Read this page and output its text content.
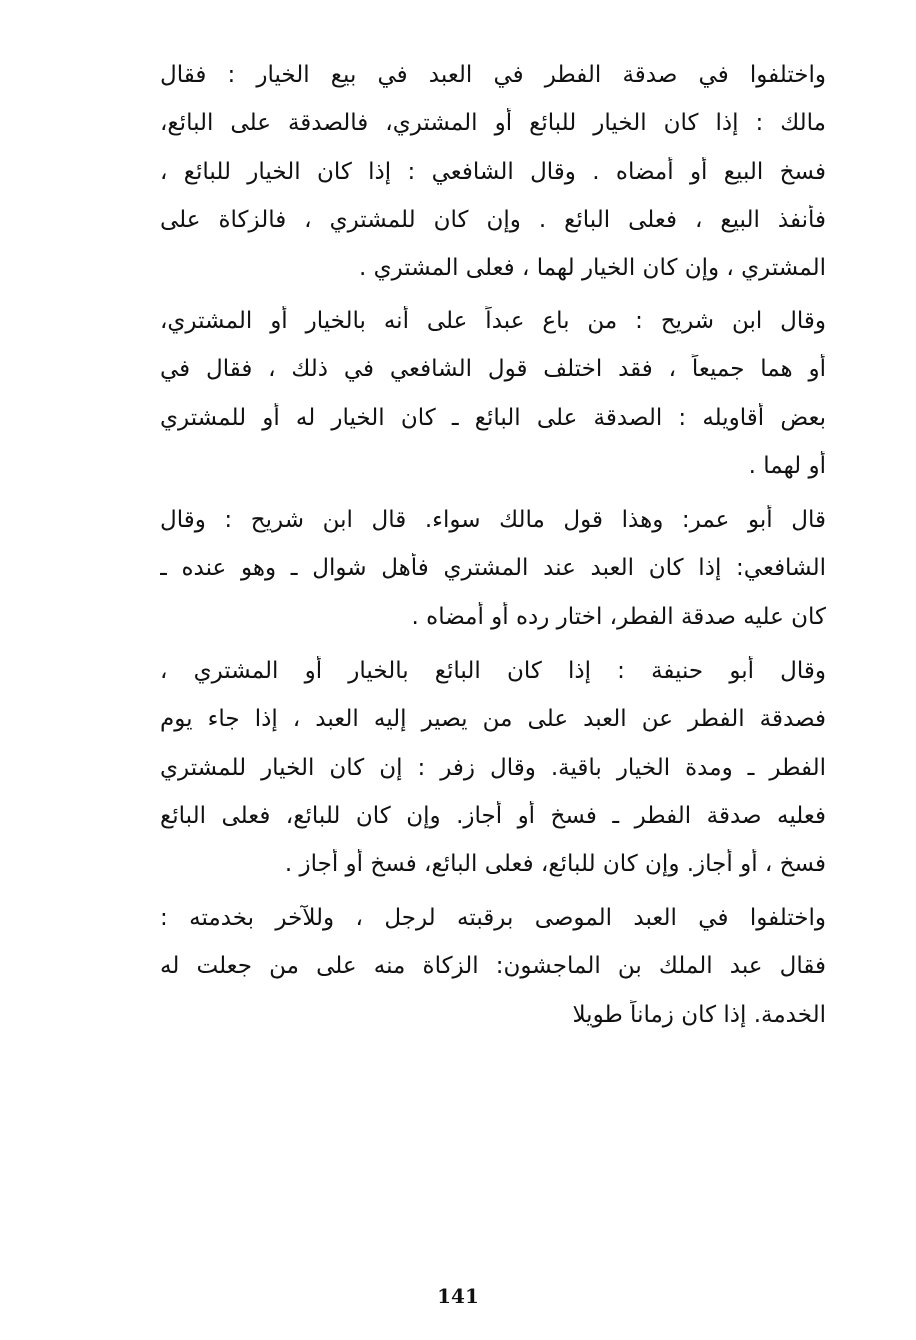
واختلفوا في صدقة الفطر في العبد في بيع الخيار : فقال
مالك : إذا كان الخيار للبائع أو المشتري، فالصدقة على البائع،
فسخ البيع أو أمضاه . وقال الشافعي : إذا كان الخيار للبائع ،
فأنفذ البيع ، فعلى البائع . وإن كان للمشتري ، فالزكاة على
المشتري ، وإن كان الخيار لهما ، فعلى المشتري .
وقال ابن شريح : من باع عبداً على أنه بالخيار أو المشتري،
أو هما جميعاً ، فقد اختلف قول الشافعي في ذلك ، فقال في
بعض أقاويله : الصدقة على البائع ـ كان الخيار له أو للمشتري
أو لهما .
قال أبو عمر: وهذا قول مالك سواء. قال ابن شريح : وقال
الشافعي: إذا كان العبد عند المشتري فأهل شوال ـ وهو عنده ـ
كان عليه صدقة الفطر، اختار رده أو أمضاه .
وقال أبو حنيفة : إذا كان البائع بالخيار أو المشتري ،
فصدقة الفطر عن العبد على من يصير إليه العبد ، إذا جاء يوم
الفطر ـ ومدة الخيار باقية. وقال زفر : إن كان الخيار للمشتري
فعليه صدقة الفطر ـ فسخ أو أجاز. وإن كان للبائع، فعلى البائع
فسخ ، أو أجاز. وإن كان للبائع، فعلى البائع، فسخ أو أجاز .
واختلفوا في العبد الموصى برقبته لرجل ، وللآخر بخدمته :
فقال عبد الملك بن الماجشون: الزكاة منه على من جعلت له
الخدمة. إذا كان زماناً طويلا
141
